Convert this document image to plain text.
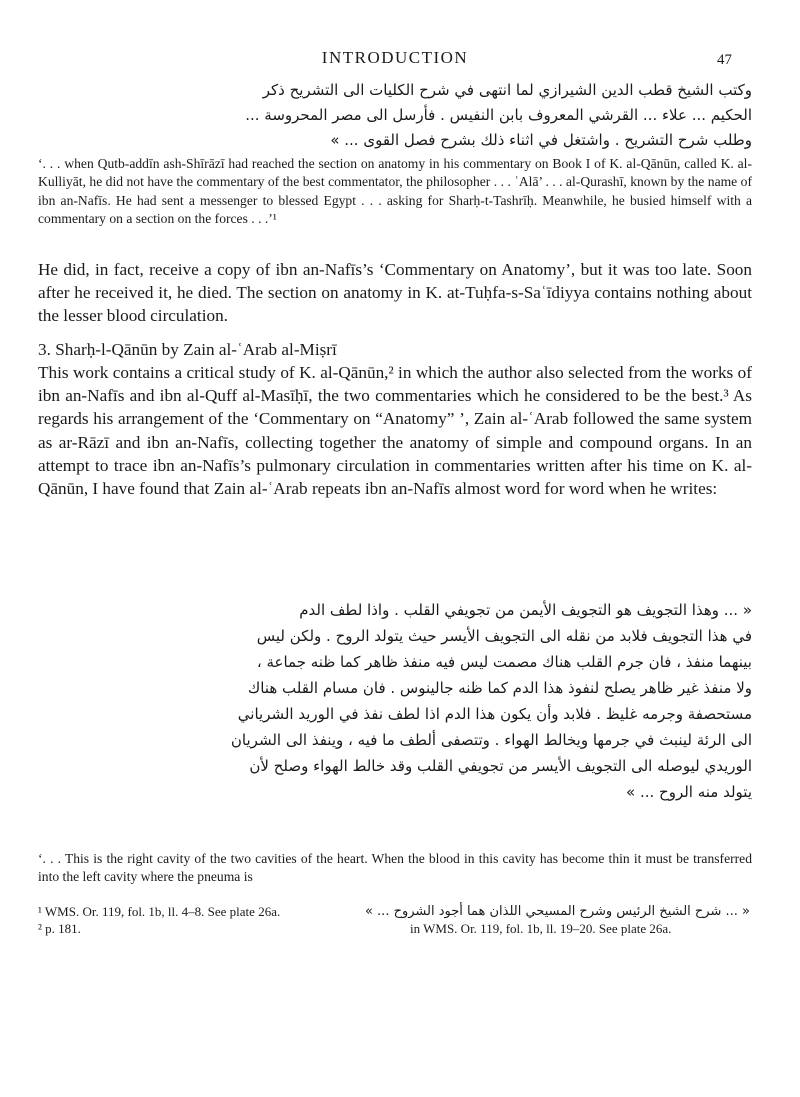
INTRODUCTION	47
وكتب الشيخ قطب الدين الشيرازي لما انتهى في شرح الكليات الى التشريح ذكر
الحكيم ... علاء ... القرشي المعروف بابن النفيس . فأرسل الى مصر المحروسة ...
وطلب شرح التشريح . واشتغل في اثناء ذلك بشرح فصل القوى ... »
‘. . . when Qutb-addīn ash-Shīrāzī had reached the section on anatomy in his commentary on Book I of K. al-Qānūn, called K. al-Kulliyāt, he did not have the commentary of the best commentator, the philosopher . . . ʿAlā’ . . . al-Qurashī, known by the name of ibn an-Nafīs. He had sent a messenger to blessed Egypt . . . asking for Sharḥ-t-Tashrīḥ. Meanwhile, he busied himself with a commentary on a section on the forces . . .’¹
He did, in fact, receive a copy of ibn an-Nafīs’s ‘Commentary on Anatomy’, but it was too late. Soon after he received it, he died. The section on anatomy in K. at-Tuḥfa-s-Saʿīdiyya contains nothing about the lesser blood circulation.
3. Sharḥ-l-Qānūn by Zain al-ʿArab al-Miṣrī
This work contains a critical study of K. al-Qānūn,² in which the author also selected from the works of ibn an-Nafīs and ibn al-Quff al-Masīḥī, the two commentaries which he considered to be the best.³ As regards his arrangement of the ‘Commentary on “Anatomy” ’, Zain al-ʿArab followed the same system as ar-Rāzī and ibn an-Nafīs, collecting together the anatomy of simple and compound organs. In an attempt to trace ibn an-Nafīs’s pulmonary circulation in commentaries written after his time on K. al-Qānūn, I have found that Zain al-ʿArab repeats ibn an-Nafīs almost word for word when he writes:
« ... وهذا التجويف هو التجويف الأيمن من تجويفي القلب . واذا لطف الدم
في هذا التجويف فلابد من نقله الى التجويف الأيسر حيث يتولد الروح . ولكن ليس
بينهما منفذ ، فان جرم القلب هناك مصمت ليس فيه منفذ ظاهر كما ظنه جماعة ،
ولا منفذ غير ظاهر يصلح لنفوذ هذا الدم كما ظنه جالينوس . فان مسام القلب هناك
مستحصفة وجرمه غليظ . فلابد وأن يكون هذا الدم اذا لطف نفذ في الوريد الشرياني
الى الرئة لينبث في جرمها ويخالط الهواء . وتتصفى ألطف ما فيه ، وينفذ الى الشريان
الوريدي ليوصله الى التجويف الأيسر من تجويفي القلب وقد خالط الهواء وصلح لأن
يتولد منه الروح ... »
‘. . . This is the right cavity of the two cavities of the heart. When the blood in this cavity has become thin it must be transferred into the left cavity where the pneuma is
¹ WMS. Or. 119, fol. 1b, ll. 4–8. See plate 26a.
² p. 181.
« ... شرح الشيخ الرئيس وشرح المسيحي اللذان هما أجود الشروح ... »
in WMS. Or. 119, fol. 1b, ll. 19–20. See plate 26a.
